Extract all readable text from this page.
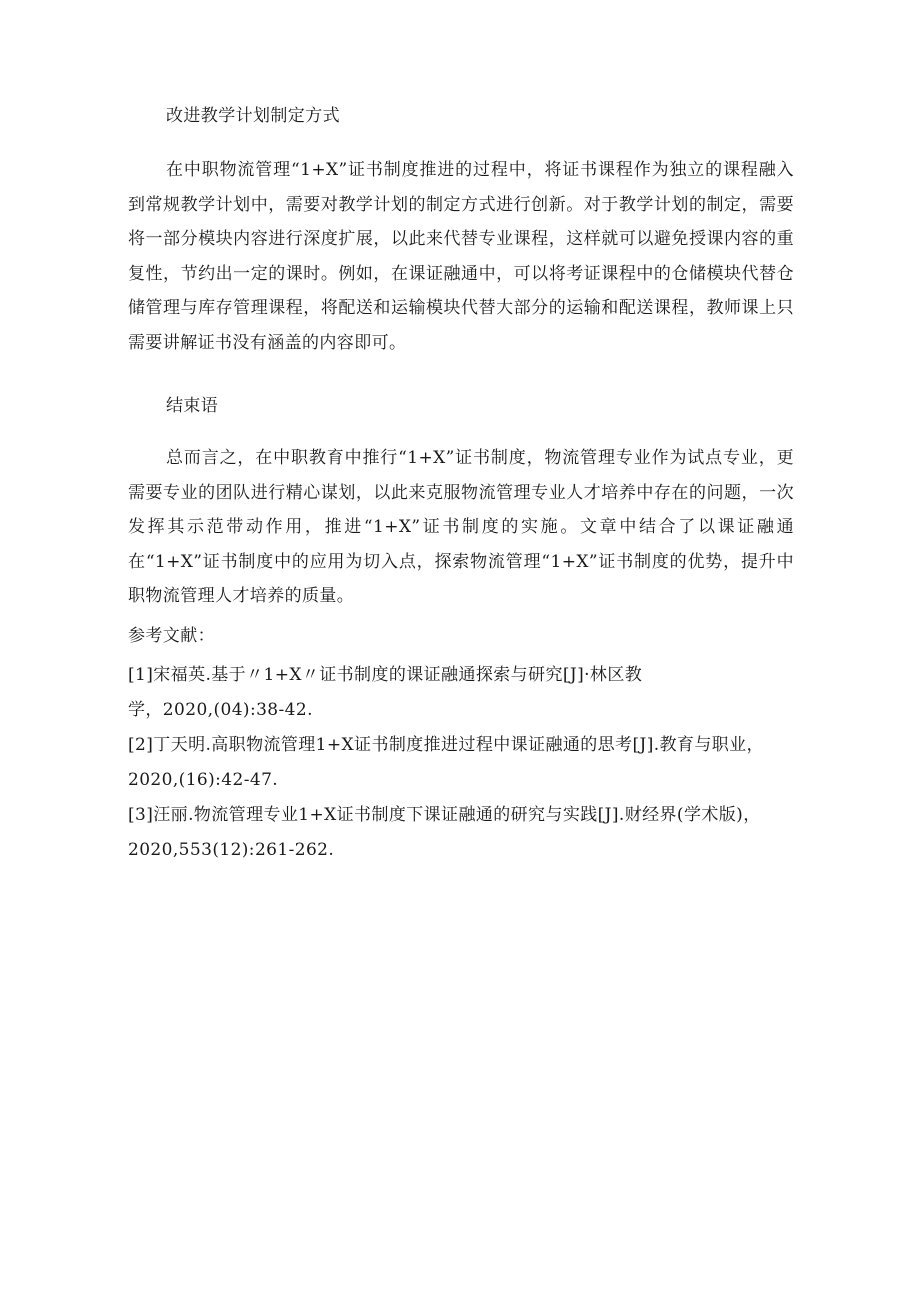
改进教学计划制定方式

在中职物流管理“1+X”证书制度推进的过程中，将证书课程作为独立的课程融入到常规教学计划中，需要对教学计划的制定方式进行创新。对于教学计划的制定，需要将一部分模块内容进行深度扩展，以此来代替专业课程，这样就可以避免授课内容的重复性，节约出一定的课时。例如，在课证融通中，可以将考证课程中的仓储模块代替仓储管理与库存管理课程，将配送和运输模块代替大部分的运输和配送课程，教师课上只需要讲解证书没有涵盖的内容即可。

结束语

总而言之，在中职教育中推行“1+X”证书制度，物流管理专业作为试点专业，更需要专业的团队进行精心谋划，以此来克服物流管理专业人才培养中存在的问题，一次发挥其示范带动作用，推进“1+X”证书制度的实施。文章中结合了以课证融通在“1+X”证书制度中的应用为切入点，探索物流管理“1+X”证书制度的优势，提升中职物流管理人才培养的质量。

参考文献：
[1]宋福英.基于〃1+X〃证书制度的课证融通探索与研究[J]·林区教
学，2020,(04):38-42.
[2]丁天明.高职物流管理1+X证书制度推进过程中课证融通的思考[J].教育与职业，
2020,(16):42-47.
[3]汪丽.物流管理专业1+X证书制度下课证融通的研究与实践[J].财经界(学术版)，
2020,553(12):261-262.
